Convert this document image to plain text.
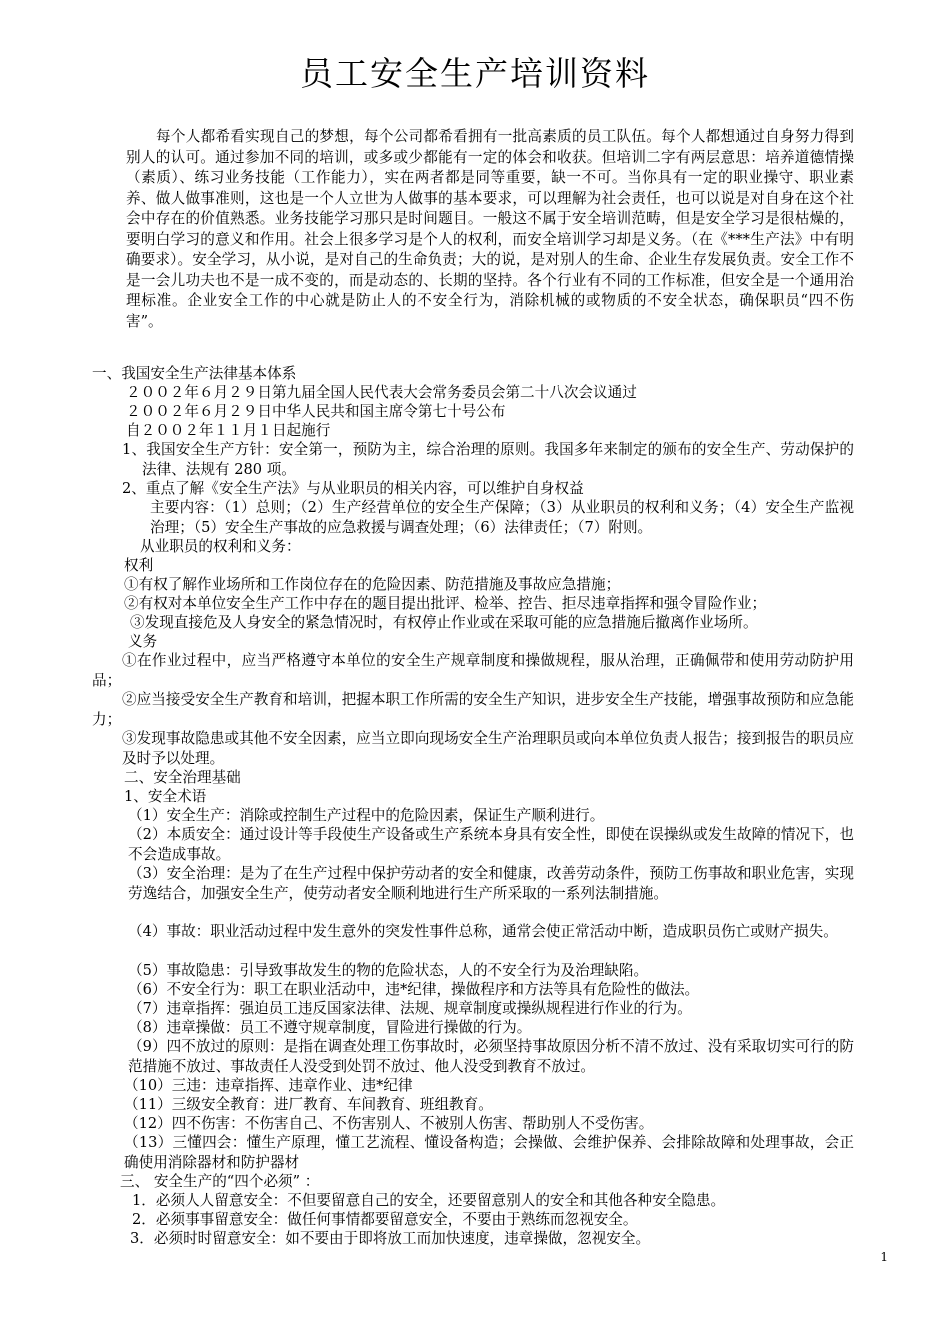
员工安全生产培训资料
每个人都希看实现自己的梦想，每个公司都希看拥有一批高素质的员工队伍。每个人都想通过自身努力得到别人的认可。通过参加不同的培训，或多或少都能有一定的体会和收获。但培训二字有两层意思：培养道德情操（素质）、练习业务技能（工作能力），实在两者都是同等重要，缺一不可。当你具有一定的职业操守、职业素养、做人做事准则，这也是一个人立世为人做事的基本要求，可以理解为社会责任，也可以说是对自身在这个社会中存在的价值熟悉。业务技能学习那只是时间题目。一般这不属于安全培训范畴，但是安全学习是很枯燥的，要明白学习的意义和作用。社会上很多学习是个人的权利，而安全培训学习却是义务。（在《***生产法》中有明确要求）。安全学习，从小说，是对自己的生命负责；大的说，是对别人的生命、企业生存发展负责。安全工作不是一会儿功夫也不是一成不变的，而是动态的、长期的坚持。各个行业有不同的工作标准，但安全是一个通用治理标准。企业安全工作的中心就是防止人的不安全行为，消除机械的或物质的不安全状态，确保职员“四不伤害”。
一、我国安全生产法律基本体系
２００２年６月２９日第九届全国人民代表大会常务委员会第二十八次会议通过
２００２年６月２９日中华人民共和国主席令第七十号公布
自２００２年１１月１日起施行
1、我国安全生产方针：安全第一，预防为主，综合治理的原则。我国多年来制定的颁布的安全生产、劳动保护的法律、法规有 280 项。
2、重点了解《安全生产法》与从业职员的相关内容，可以维护自身权益
主要内容：（1）总则；（2）生产经营单位的安全生产保障；（3）从业职员的权利和义务；（4）安全生产监视治理；（5）安全生产事故的应急救援与调查处理；（6）法律责任；（7）附则。
从业职员的权利和义务：
权利
①有权了解作业场所和工作岗位存在的危险因素、防范措施及事故应急措施；
②有权对本单位安全生产工作中存在的题目提出批评、检举、控告、拒尽违章指挥和强令冒险作业；
③发现直接危及人身安全的紧急情况时，有权停止作业或在采取可能的应急措施后撤离作业场所。
义务
①在作业过程中，应当严格遵守本单位的安全生产规章制度和操做规程，服从治理，正确佩带和使用劳动防护用品；
②应当接受安全生产教育和培训，把握本职工作所需的安全生产知识，进步安全生产技能，增强事故预防和应急能力；
③发现事故隐患或其他不安全因素，应当立即向现场安全生产治理职员或向本单位负责人报告；接到报告的职员应及时予以处理。
二、安全治理基础
1、安全术语
（1）安全生产：消除或控制生产过程中的危险因素，保证生产顺利进行。
（2）本质安全：通过设计等手段使生产设备或生产系统本身具有安全性，即使在误操纵或发生故障的情况下，也不会造成事故。
（3）安全治理：是为了在生产过程中保护劳动者的安全和健康，改善劳动条件，预防工伤事故和职业危害，实现劳逸结合，加强安全生产，使劳动者安全顺利地进行生产所采取的一系列法制措施。
（4）事故：职业活动过程中发生意外的突发性事件总称，通常会使正常活动中断，造成职员伤亡或财产损失。
（5）事故隐患：引导致事故发生的物的危险状态，人的不安全行为及治理缺陷。
（6）不安全行为：职工在职业活动中，违*纪律，操做程序和方法等具有危险性的做法。
（7）违章指挥：强迫员工违反国家法律、法规、规章制度或操纵规程进行作业的行为。
（8）违章操做：员工不遵守规章制度，冒险进行操做的行为。
（9）四不放过的原则：是指在调查处理工伤事故时，必须坚持事故原因分析不清不放过、没有采取切实可行的防范措施不放过、事故责任人没受到处罚不放过、他人没受到教育不放过。
（10）三违：违章指挥、违章作业、违*纪律
（11）三级安全教育：进厂教育、车间教育、班组教育。
（12）四不伤害：不伤害自己、不伤害别人、不被别人伤害、帮助别人不受伤害。
（13）三懂四会：懂生产原理，懂工艺流程、懂设备构造；会操做、会维护保养、会排除故障和处理事故，会正确使用消除器材和防护器材
三、 安全生产的“四个必须” ：
1．必须人人留意安全：不但要留意自己的安全，还要留意别人的安全和其他各种安全隐患。
2．必须事事留意安全：做任何事情都要留意安全，不要由于熟练而忽视安全。
3．必须时时留意安全：如不要由于即将放工而加快速度，违章操做，忽视安全。
1
